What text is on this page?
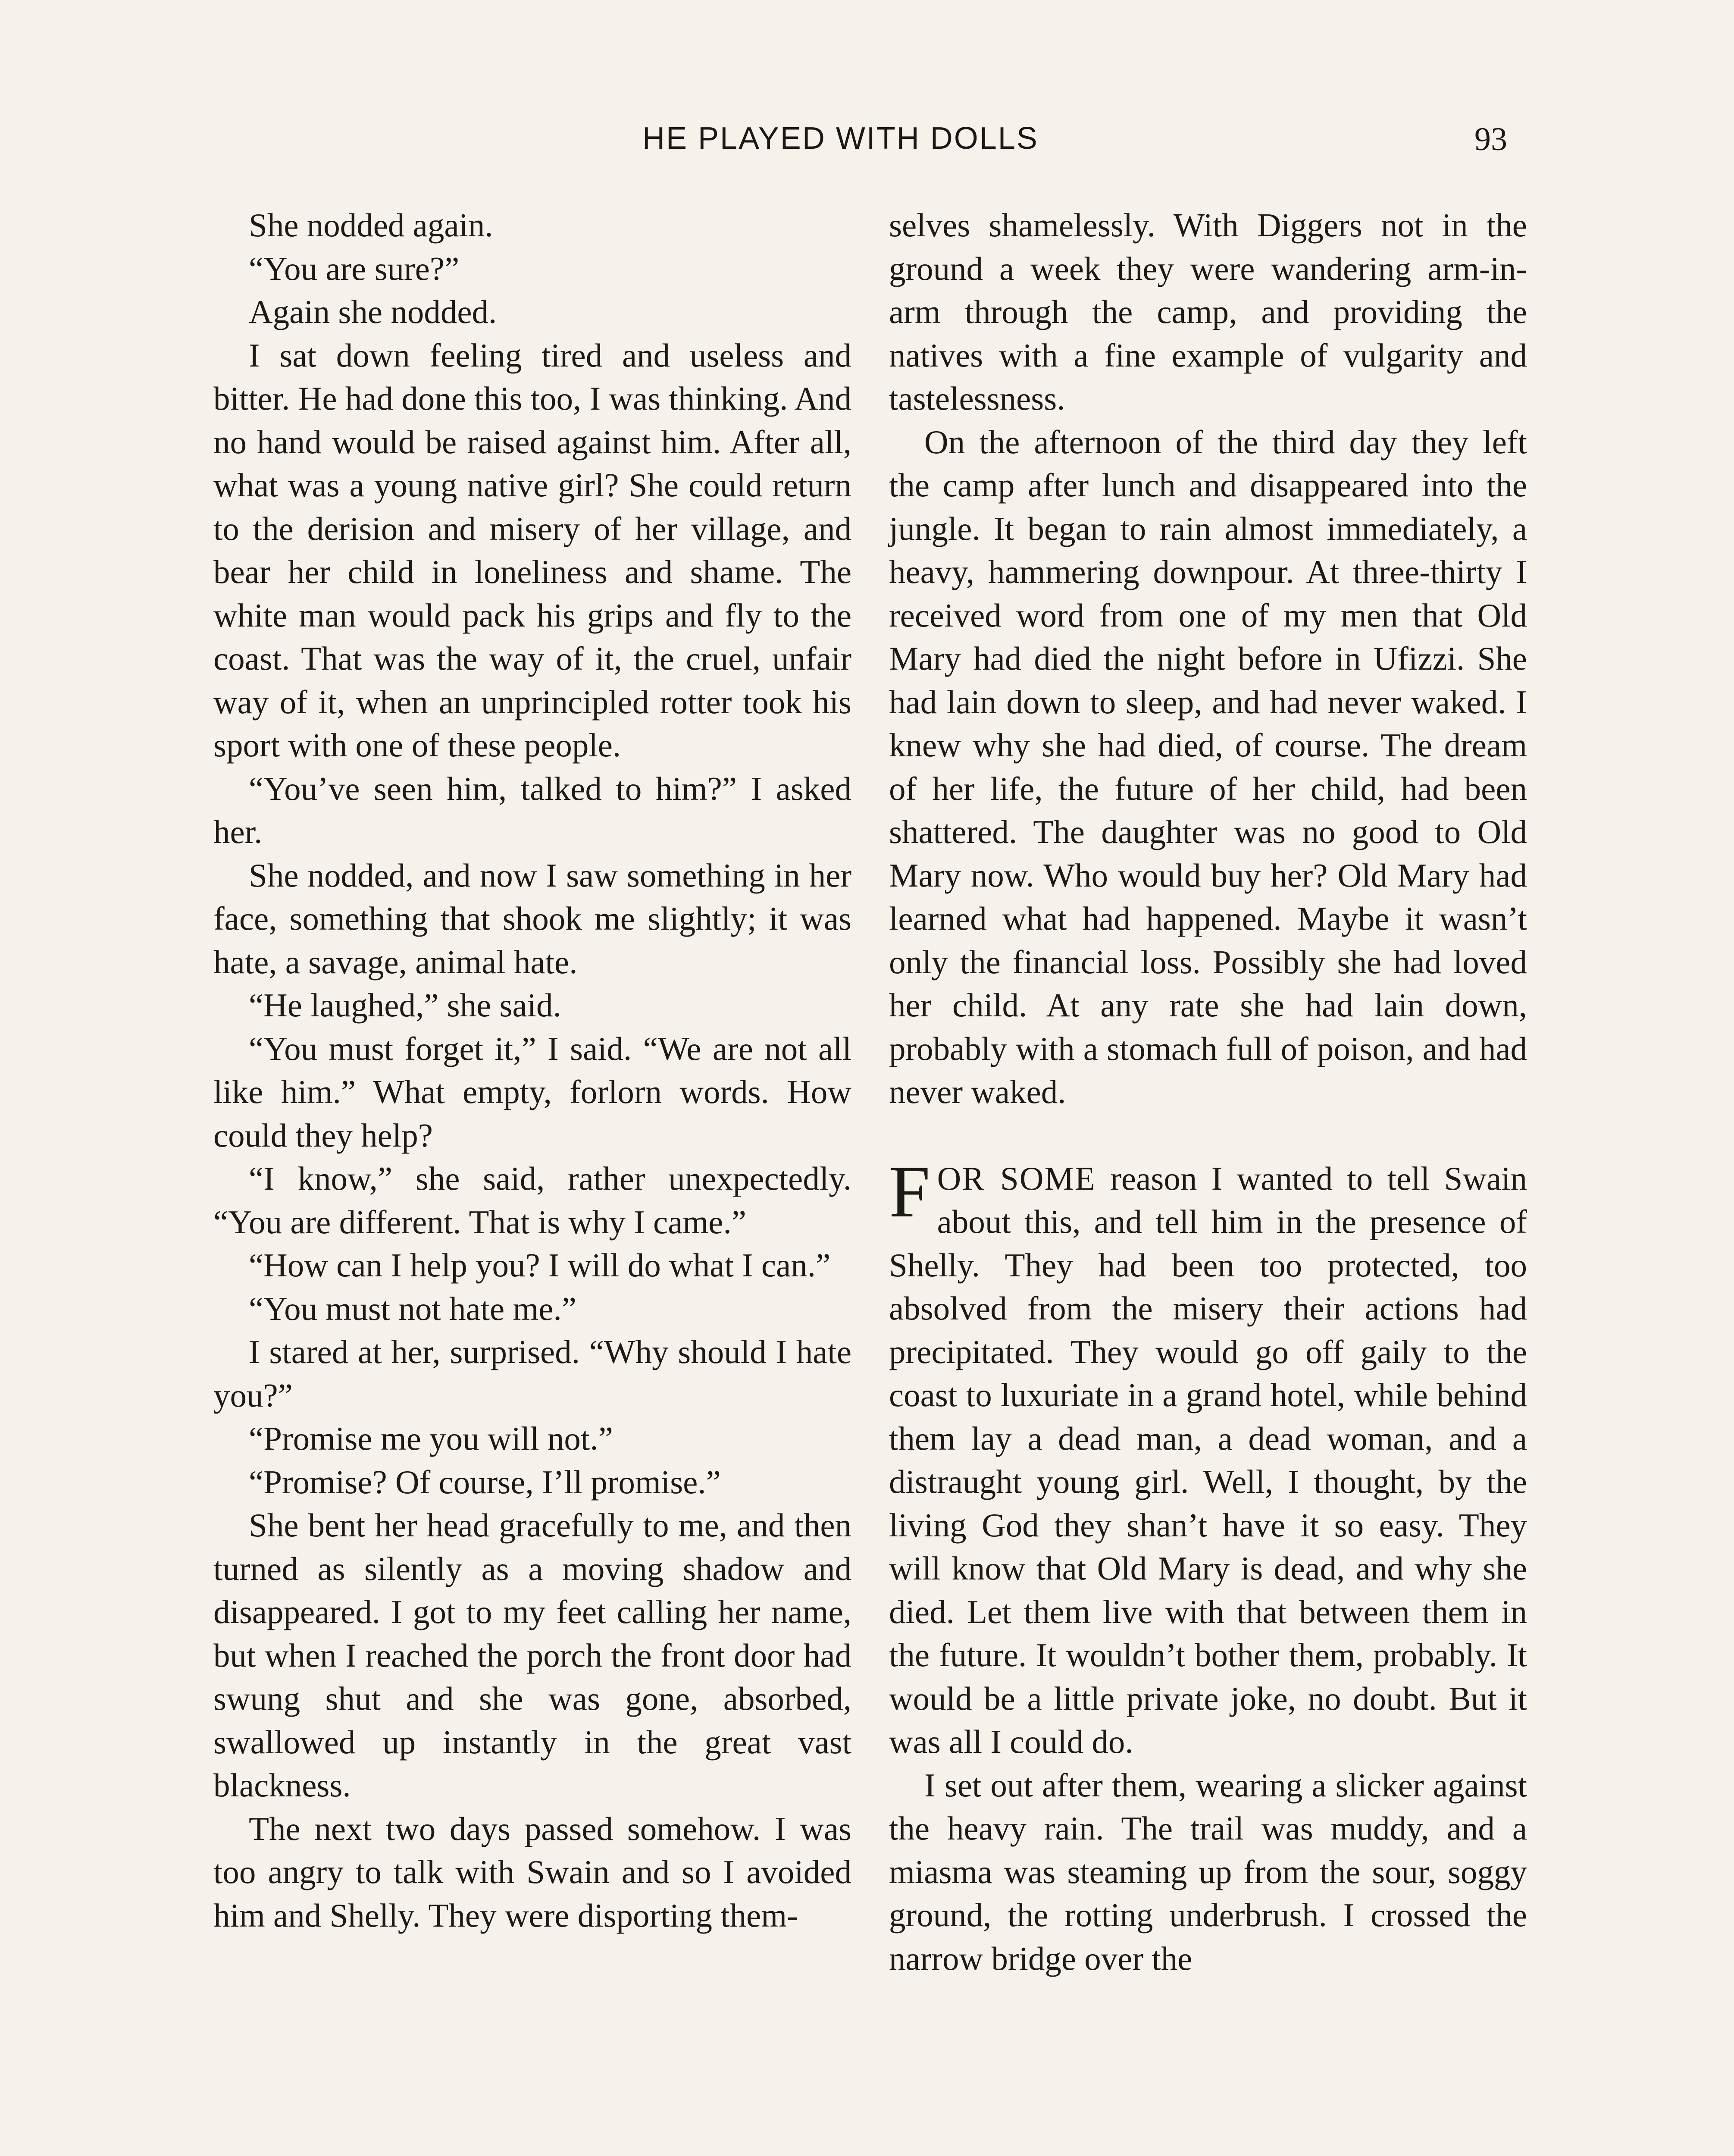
HE PLAYED WITH DOLLS	93

She nodded again.

“You are sure?”

Again she nodded.

I sat down feeling tired and useless and bitter. He had done this too, I was thinking. And no hand would be raised against him. After all, what was a young native girl? She could return to the derision and misery of her village, and bear her child in loneliness and shame. The white man would pack his grips and fly to the coast. That was the way of it, the cruel, unfair way of it, when an unprincipled rotter took his sport with one of these people.

“You’ve seen him, talked to him?” I asked her.

She nodded, and now I saw something in her face, something that shook me slightly; it was hate, a savage, animal hate.

“He laughed,” she said.

“You must forget it,” I said. “We are not all like him.” What empty, forlorn words. How could they help?

“I know,” she said, rather unexpectedly. “You are different. That is why I came.”

“How can I help you? I will do what I can.”

“You must not hate me.”

I stared at her, surprised. “Why should I hate you?”

“Promise me you will not.”

“Promise? Of course, I’ll promise.”

She bent her head gracefully to me, and then turned as silently as a moving shadow and disappeared. I got to my feet calling her name, but when I reached the porch the front door had swung shut and she was gone, absorbed, swallowed up instantly in the great vast blackness.

The next two days passed somehow. I was too angry to talk with Swain and so I avoided him and Shelly. They were disporting them-

selves shamelessly. With Diggers not in the ground a week they were wandering arm-in-arm through the camp, and providing the natives with a fine example of vulgarity and tastelessness.

On the afternoon of the third day they left the camp after lunch and disappeared into the jungle. It began to rain almost immediately, a heavy, hammering downpour. At three-thirty I received word from one of my men that Old Mary had died the night before in Ufizzi. She had lain down to sleep, and had never waked. I knew why she had died, of course. The dream of her life, the future of her child, had been shattered. The daughter was no good to Old Mary now. Who would buy her? Old Mary had learned what had happened. Maybe it wasn’t only the financial loss. Possibly she had loved her child. At any rate she had lain down, probably with a stomach full of poison, and had never waked.

FOR SOME reason I wanted to tell Swain about this, and tell him in the presence of Shelly. They had been too protected, too absolved from the misery their actions had precipitated. They would go off gaily to the coast to luxuriate in a grand hotel, while behind them lay a dead man, a dead woman, and a distraught young girl. Well, I thought, by the living God they shan’t have it so easy. They will know that Old Mary is dead, and why she died. Let them live with that between them in the future. It wouldn’t bother them, probably. It would be a little private joke, no doubt. But it was all I could do.

I set out after them, wearing a slicker against the heavy rain. The trail was muddy, and a miasma was steaming up from the sour, soggy ground, the rotting underbrush. I crossed the narrow bridge over the
